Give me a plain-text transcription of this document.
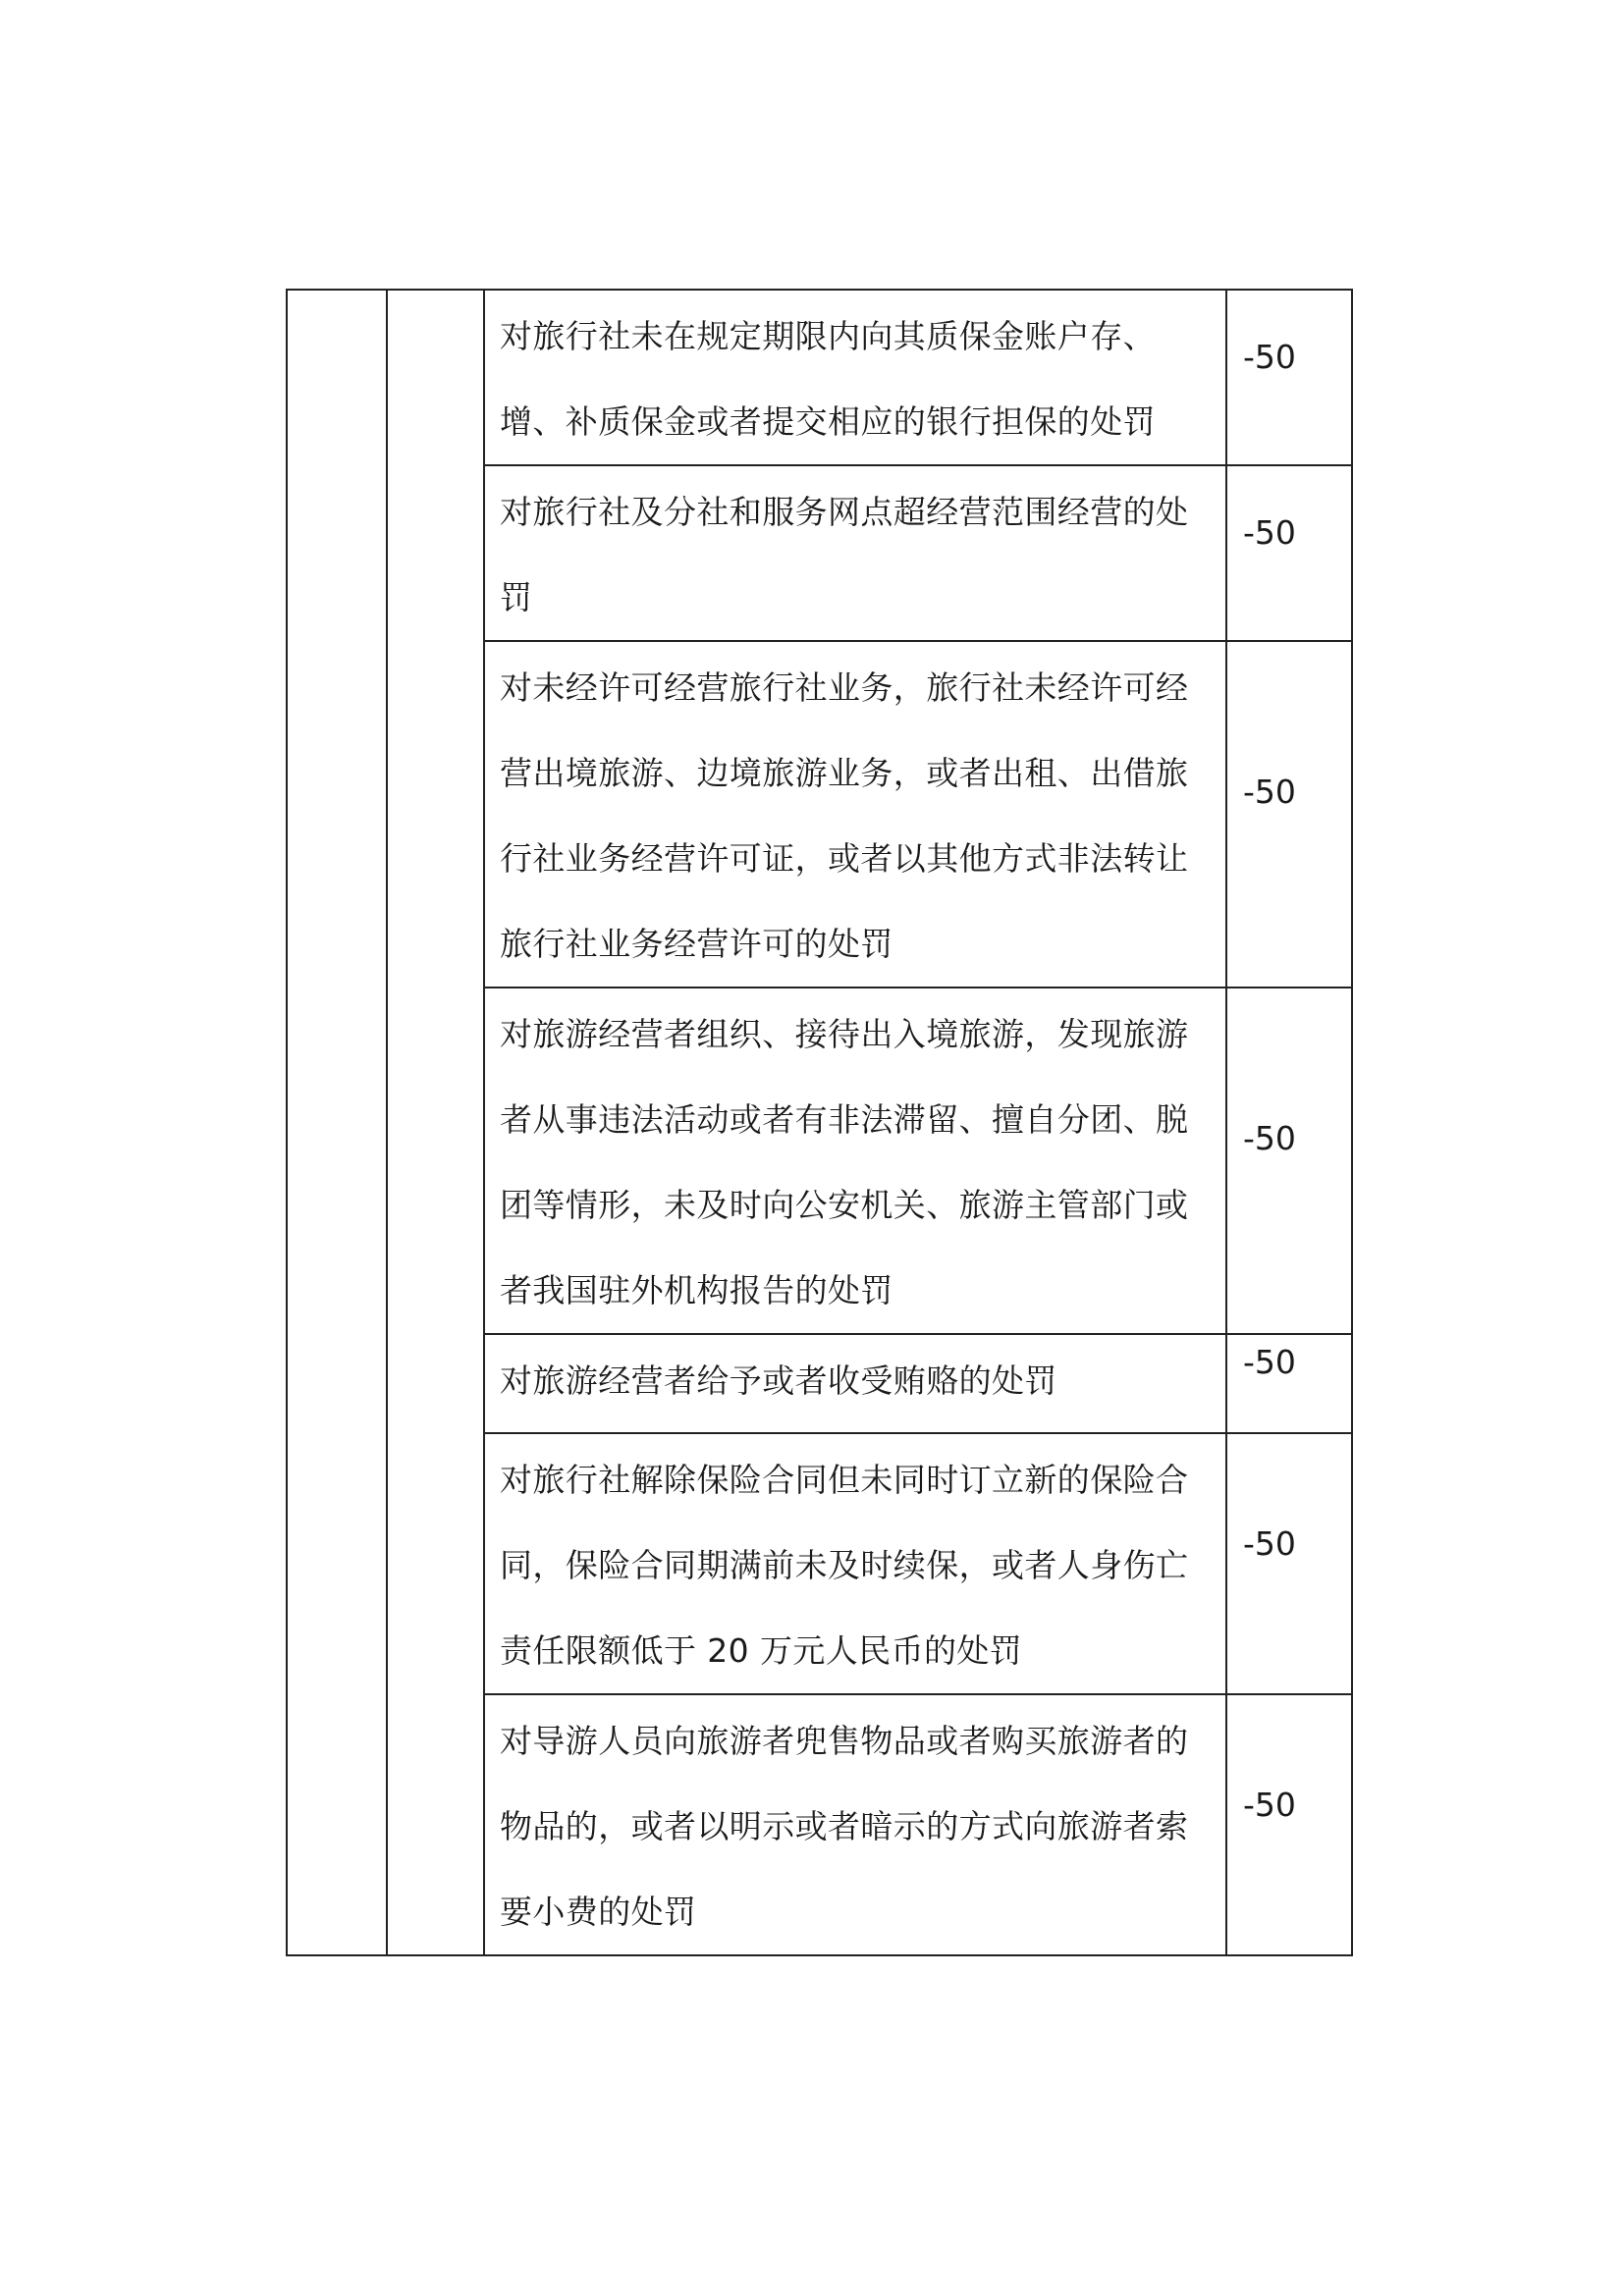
		对旅行社未在规定期限内向其质保金账户存、增、补质保金或者提交相应的银行担保的处罚	-50

		对旅行社及分社和服务网点超经营范围经营的处罚	-50

		对未经许可经营旅行社业务，旅行社未经许可经营出境旅游、边境旅游业务，或者出租、出借旅行社业务经营许可证，或者以其他方式非法转让旅行社业务经营许可的处罚	-50

		对旅游经营者组织、接待出入境旅游，发现旅游者从事违法活动或者有非法滞留、擅自分团、脱团等情形，未及时向公安机关、旅游主管部门或者我国驻外机构报告的处罚	-50

		对旅游经营者给予或者收受贿赂的处罚	-50

		对旅行社解除保险合同但未同时订立新的保险合同，保险合同期满前未及时续保，或者人身伤亡责任限额低于 20 万元人民币的处罚	-50

		对导游人员向旅游者兜售物品或者购买旅游者的物品的，或者以明示或者暗示的方式向旅游者索要小费的处罚	-50
